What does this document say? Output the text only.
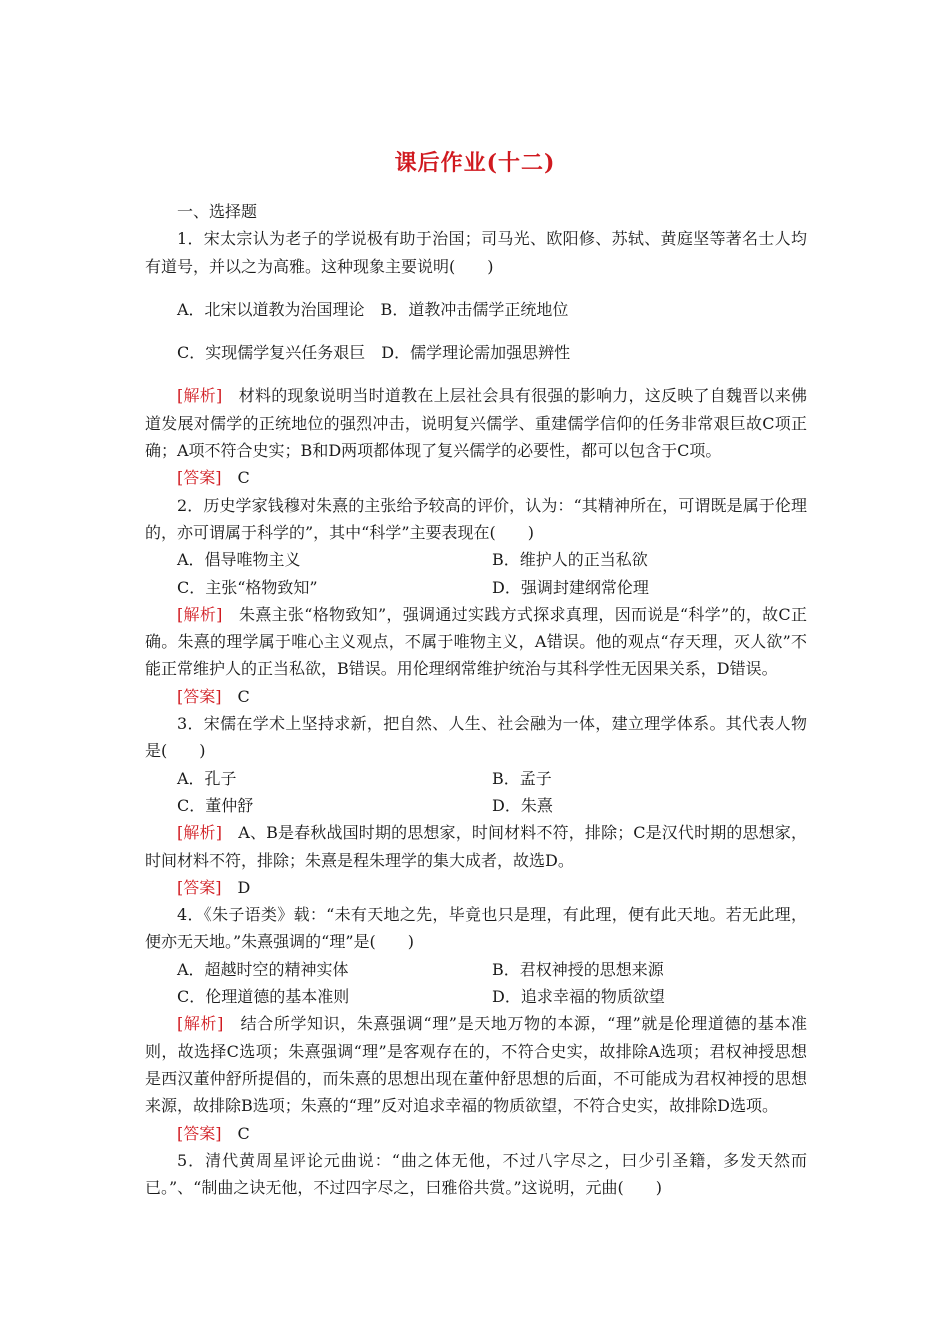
课后作业(十二)

一、选择题

1．宋太宗认为老子的学说极有助于治国；司马光、欧阳修、苏轼、黄庭坚等著名士人均有道号，并以之为高雅。这种现象主要说明(　　)

A．北宋以道教为治国理论　B．道教冲击儒学正统地位

C．实现儒学复兴任务艰巨　D．儒学理论需加强思辨性

[解析]　材料的现象说明当时道教在上层社会具有很强的影响力，这反映了自魏晋以来佛道发展对儒学的正统地位的强烈冲击，说明复兴儒学、重建儒学信仰的任务非常艰巨故C项正确；A项不符合史实；B和D两项都体现了复兴儒学的必要性，都可以包含于C项。

[答案]　C

2．历史学家钱穆对朱熹的主张给予较高的评价，认为：“其精神所在，可谓既是属于伦理的，亦可谓属于科学的”，其中“科学”主要表现在(　　)

A．倡导唯物主义	B．维护人的正当私欲
C．主张“格物致知”	D．强调封建纲常伦理

[解析]　朱熹主张“格物致知”，强调通过实践方式探求真理，因而说是“科学”的，故C正确。朱熹的理学属于唯心主义观点，不属于唯物主义，A错误。他的观点“存天理，灭人欲”不能正常维护人的正当私欲，B错误。用伦理纲常维护统治与其科学性无因果关系，D错误。

[答案]　C

3．宋儒在学术上坚持求新，把自然、人生、社会融为一体，建立理学体系。其代表人物是(　　)

A．孔子	B．孟子
C．董仲舒	D．朱熹

[解析]　A、B是春秋战国时期的思想家，时间材料不符，排除；C是汉代时期的思想家，时间材料不符，排除；朱熹是程朱理学的集大成者，故选D。

[答案]　D

4．《朱子语类》载：“未有天地之先，毕竟也只是理，有此理，便有此天地。若无此理，便亦无天地。”朱熹强调的“理”是(　　)

A．超越时空的精神实体	B．君权神授的思想来源
C．伦理道德的基本准则	D．追求幸福的物质欲望

[解析]　结合所学知识，朱熹强调“理”是天地万物的本源，“理”就是伦理道德的基本准则，故选择C选项；朱熹强调“理”是客观存在的，不符合史实，故排除A选项；君权神授思想是西汉董仲舒所提倡的，而朱熹的思想出现在董仲舒思想的后面，不可能成为君权神授的思想来源，故排除B选项；朱熹的“理”反对追求幸福的物质欲望，不符合史实，故排除D选项。

[答案]　C

5．清代黄周星评论元曲说：“曲之体无他，不过八字尽之，曰少引圣籍，多发天然而已。”、“制曲之诀无他，不过四字尽之，曰雅俗共赏。”这说明，元曲(　　)
